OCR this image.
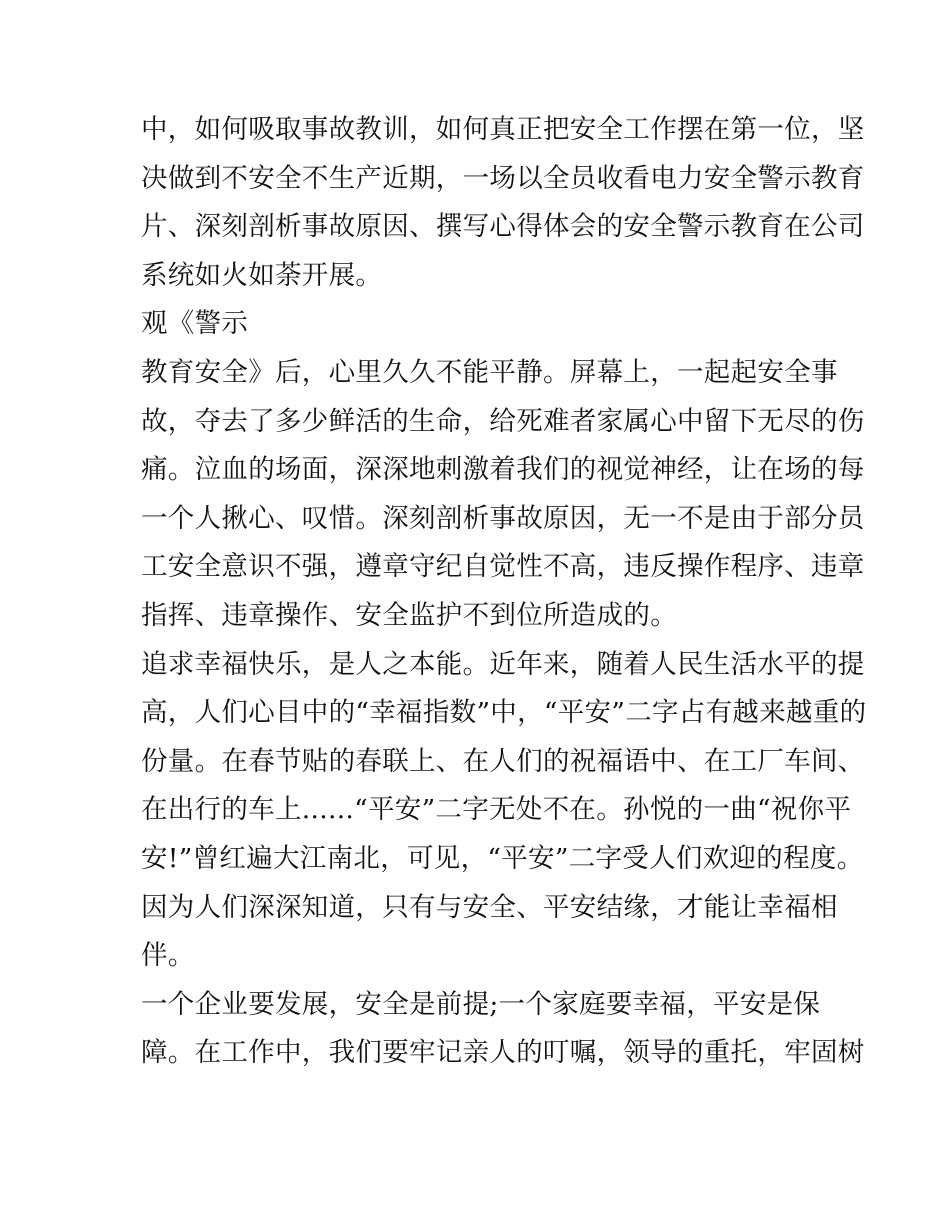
中，如何吸取事故教训，如何真正把安全工作摆在第一位，坚
决做到不安全不生产近期，一场以全员收看电力安全警示教育
片、深刻剖析事故原因、撰写心得体会的安全警示教育在公司
系统如火如荼开展。
观《警示
教育安全》后，心里久久不能平静。屏幕上，一起起安全事
故，夺去了多少鲜活的生命，给死难者家属心中留下无尽的伤
痛。泣血的场面，深深地刺激着我们的视觉神经，让在场的每
一个人揪心、叹惜。深刻剖析事故原因，无一不是由于部分员
工安全意识不强，遵章守纪自觉性不高，违反操作程序、违章
指挥、违章操作、安全监护不到位所造成的。
追求幸福快乐，是人之本能。近年来，随着人民生活水平的提
高，人们心目中的“幸福指数”中，“平安”二字占有越来越重的
份量。在春节贴的春联上、在人们的祝福语中、在工厂车间、
在出行的车上......“平安”二字无处不在。孙悦的一曲“祝你平
安!”曾红遍大江南北，可见，“平安”二字受人们欢迎的程度。
因为人们深深知道，只有与安全、平安结缘，才能让幸福相
伴。
一个企业要发展，安全是前提;一个家庭要幸福，平安是保
障。在工作中，我们要牢记亲人的叮嘱，领导的重托，牢固树
